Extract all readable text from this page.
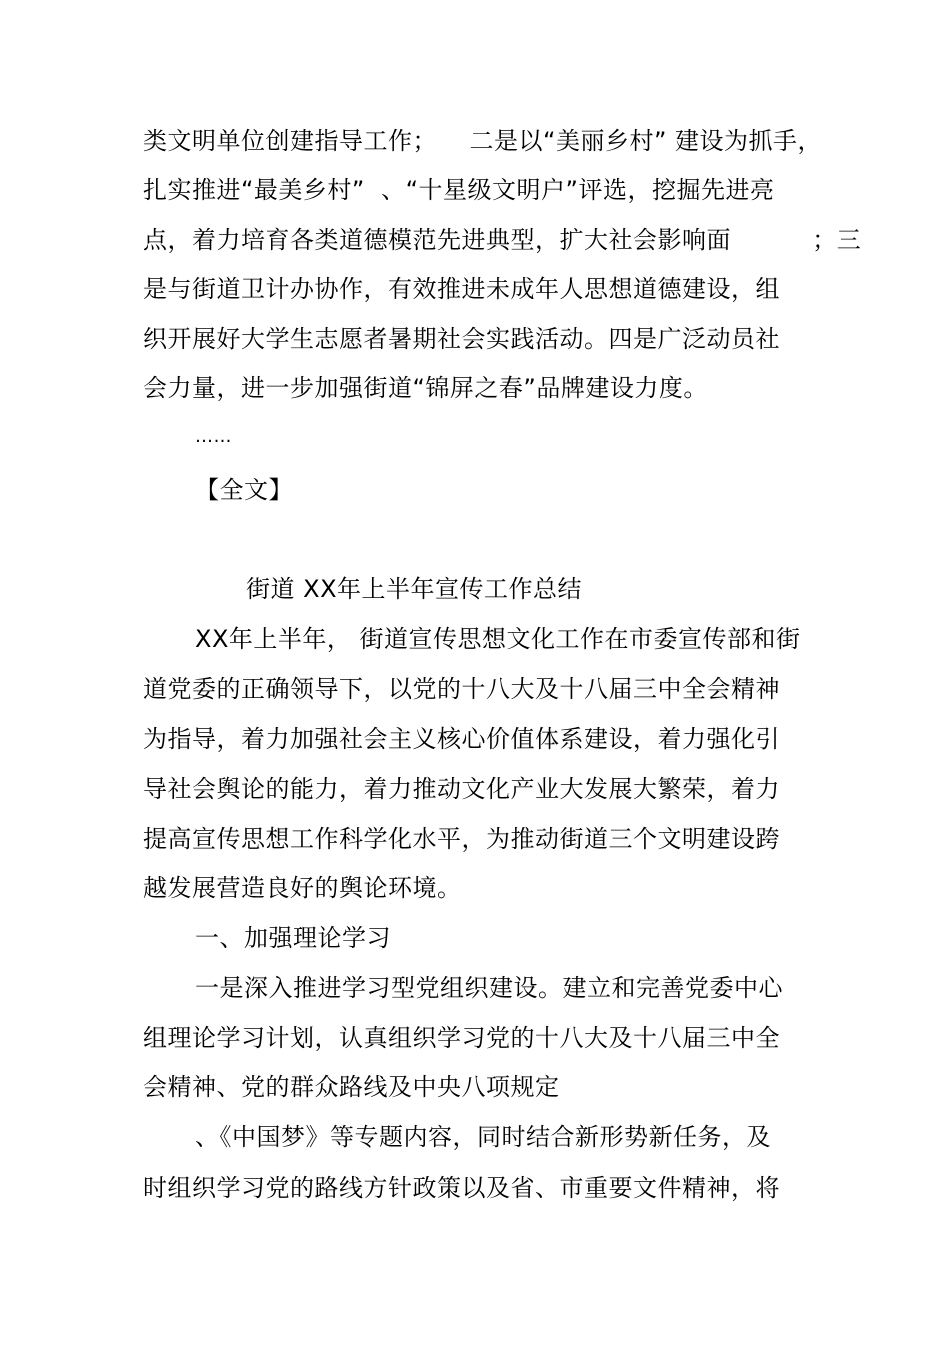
类文明单位创建指导工作；    二是以“美丽乡村” 建设为抓手，
扎实推进“最美乡村”  、“十星级文明户”评选，挖掘先进亮
点，着力培育各类道德模范先进典型，扩大社会影响面          ；三
是与街道卫计办协作，有效推进未成年人思想道德建设，组
织开展好大学生志愿者暑期社会实践活动。四是广泛动员社
会力量，进一步加强街道“锦屏之春”品牌建设力度。
……
【全文】
街道 XX年上半年宣传工作总结
XX年上半年， 街道宣传思想文化工作在市委宣传部和街
道党委的正确领导下，以党的十八大及十八届三中全会精神
为指导，着力加强社会主义核心价值体系建设，着力强化引
导社会舆论的能力，着力推动文化产业大发展大繁荣，着力
提高宣传思想工作科学化水平，为推动街道三个文明建设跨
越发展营造良好的舆论环境。
一、加强理论学习
一是深入推进学习型党组织建设。建立和完善党委中心
组理论学习计划，认真组织学习党的十八大及十八届三中全
会精神、党的群众路线及中央八项规定
、《中国梦》等专题内容，同时结合新形势新任务，及
时组织学习党的路线方针政策以及省、市重要文件精神，将
